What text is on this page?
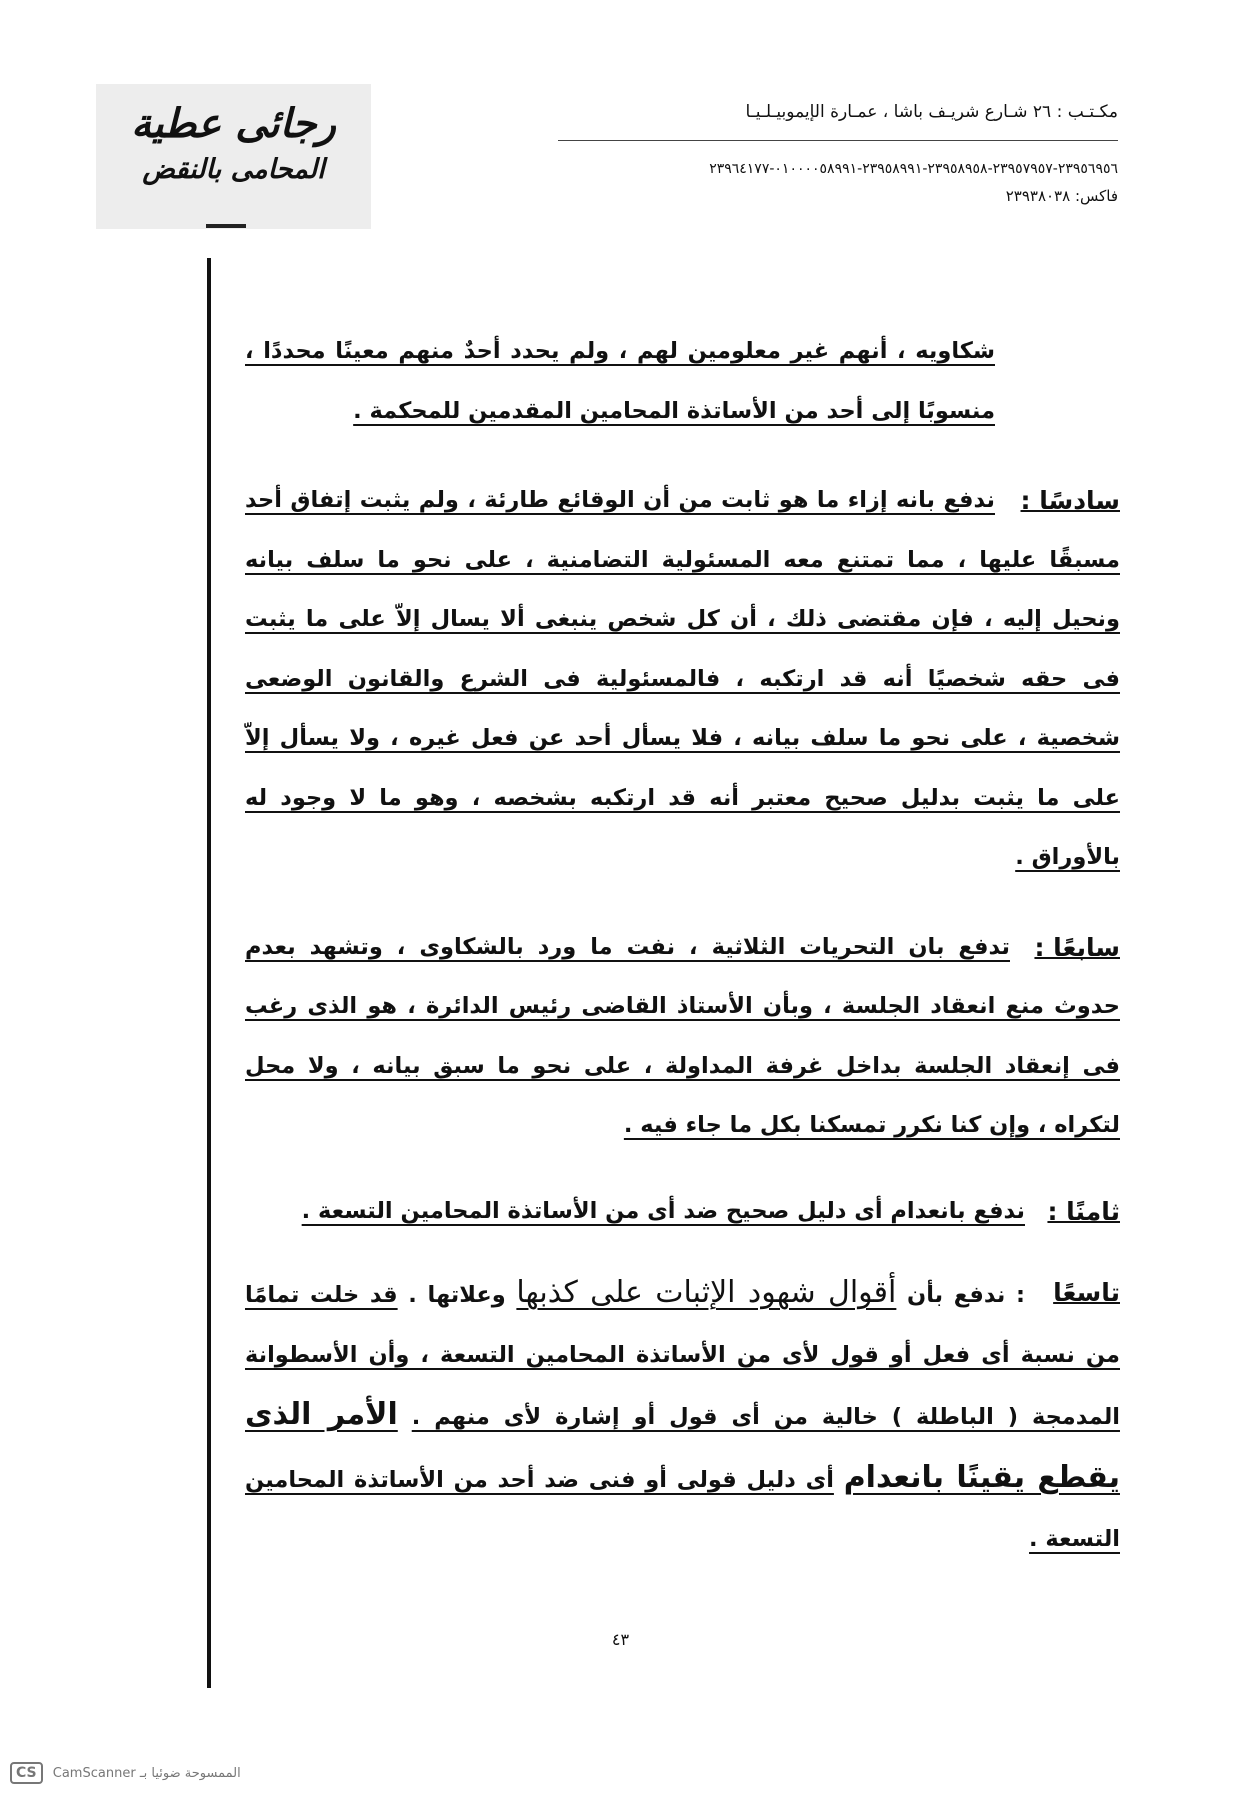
رجائى عطية
المحامى بالنقض
مكـتـب : ٢٦ شـارع شريـف باشا ، عمـارة الإيموبيـلـيـا
٢٣٩٥٦٩٥٦-٢٣٩٥٧٩٥٧-٢٣٩٥٨٩٥٨-٢٣٩٥٨٩٩١-٠١٠٠٠٠٥٨٩٩١-٢٣٩٦٤١٧٧
فاكس: ٢٣٩٣٨٠٣٨

شكاويه ، أنهم غير معلومين لهم ، ولم يحدد أحدٌ منهم معينًا محددًا ، منسوبًا إلى أحد من الأساتذة المحامين المقدمين للمحكمة .

سادسًا :

ندفع بانه إزاء ما هو ثابت من أن الوقائع طارئة ، ولم يثبت إتفاق أحد مسبقًا عليها ، مما تمتنع معه المسئولية التضامنية ، على نحو ما سلف بيانه ونحيل إليه ، فإن مقتضى ذلك ، أن كل شخص ينبغى ألا يسال إلاّ على ما يثبت فى حقه شخصيًا أنه قد ارتكبه ، فالمسئولية فى الشرع والقانون الوضعى شخصية ، على نحو ما سلف بيانه ، فلا يسأل أحد عن فعل غيره ، ولا يسأل إلاّ على ما يثبت بدليل صحيح معتبر أنه قد ارتكبه بشخصه ، وهو ما لا وجود له بالأوراق .

سابعًا :

تدفع بان التحريات الثلاثية ، نفت ما ورد بالشكاوى ، وتشهد بعدم حدوث منع انعقاد الجلسة ، وبأن الأستاذ القاضى رئيس الدائرة ، هو الذى رغب فى إنعقاد الجلسة بداخل غرفة المداولة ، على نحو ما سبق بيانه ، ولا محل لتكراه ، وإن كنا نكرر تمسكنا بكل ما جاء فيه .

ثامنًا :

ندفع بانعدام أى دليل صحيح ضد أى من الأساتذة المحامين التسعة .

تاسعًا

: ندفع بأن أقوال شهود الإثبات على كذبها وعلاتها . قد خلت تمامًا من نسبة أى فعل أو قول لأى من الأساتذة المحامين التسعة ، وأن الأسطوانة المدمجة ( الباطلة ) خالية من أى قول أو إشارة لأى منهم . الأمر الذى يقطع يقينًا بانعدام أى دليل قولى أو فنى ضد أحد من الأساتذة المحامين التسعة .

٤٣
CS CamScanner الممسوحة ضوئيا بـ
